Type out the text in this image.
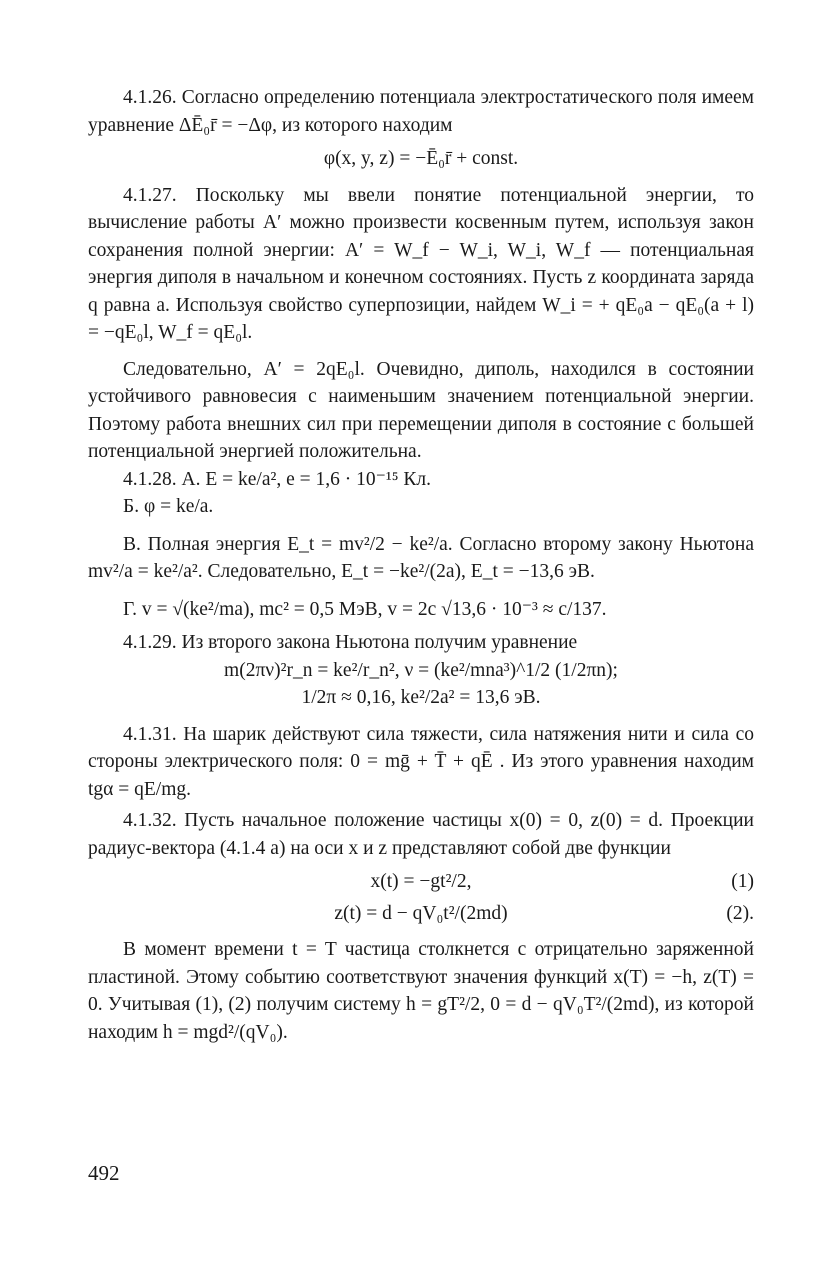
4.1.26. Согласно определению потенциала электростатического поля имеем уравнение ΔĒ₀r̄ = −Δφ, из которого находим

φ(x, y, z) = −Ē₀r̄ + const.

4.1.27. Поскольку мы ввели понятие потенциальной энергии, то вычисление работы A′ можно произвести косвенным путем, используя закон сохранения полной энергии: A′ = W_f − W_i, W_i, W_f — потенциальная энергия диполя в начальном и конечном состояниях. Пусть z координата заряда q равна a. Используя свойство суперпозиции, найдем W_i = + qE₀a − qE₀(a + l) = −qE₀l, W_f = qE₀l.

Следовательно, A′ = 2qE₀l. Очевидно, диполь, находился в состоянии устойчивого равновесия с наименьшим значением потенциальной энергии. Поэтому работа внешних сил при перемещении диполя в состояние с большей потенциальной энергией положительна.

4.1.28. А. E = ke/a², e = 1,6 · 10⁻¹⁵ Кл.

Б. φ = ke/a.

В. Полная энергия E_t = mv²/2 − ke²/a. Согласно второму закону Ньютона mv²/a = ke²/a². Следовательно, E_t = −ke²/(2a), E_t = −13,6 эВ.

Г. v = √(ke²/ma), mc² = 0,5 МэВ, v = 2c √13,6 · 10⁻³ ≈ c/137.

4.1.29. Из второго закона Ньютона получим уравнение

m(2πν)²r_n = ke²/r_n², ν = (ke²/mna³)^1/2 (1/2πn);

1/2π ≈ 0,16, ke²/2a² = 13,6 эВ.

4.1.31. На шарик действуют сила тяжести, сила натяжения нити и сила со стороны электрического поля: 0 = mḡ + T̄ + qĒ . Из этого уравнения находим tgα = qE/mg.

4.1.32. Пусть начальное положение частицы x(0) = 0, z(0) = d. Проекции радиус-вектора (4.1.4 a) на оси x и z представляют собой две функции

x(t) = −gt²/2,	(1)
z(t) = d − qV₀t²/(2md)	(2).

В момент времени t = T частица столкнется с отрицательно заряженной пластиной. Этому событию соответствуют значения функций x(T) = −h, z(T) = 0. Учитывая (1), (2) получим систему h = gT²/2, 0 = d − qV₀T²/(2md), из которой находим h = mgd²/(qV₀).

492
